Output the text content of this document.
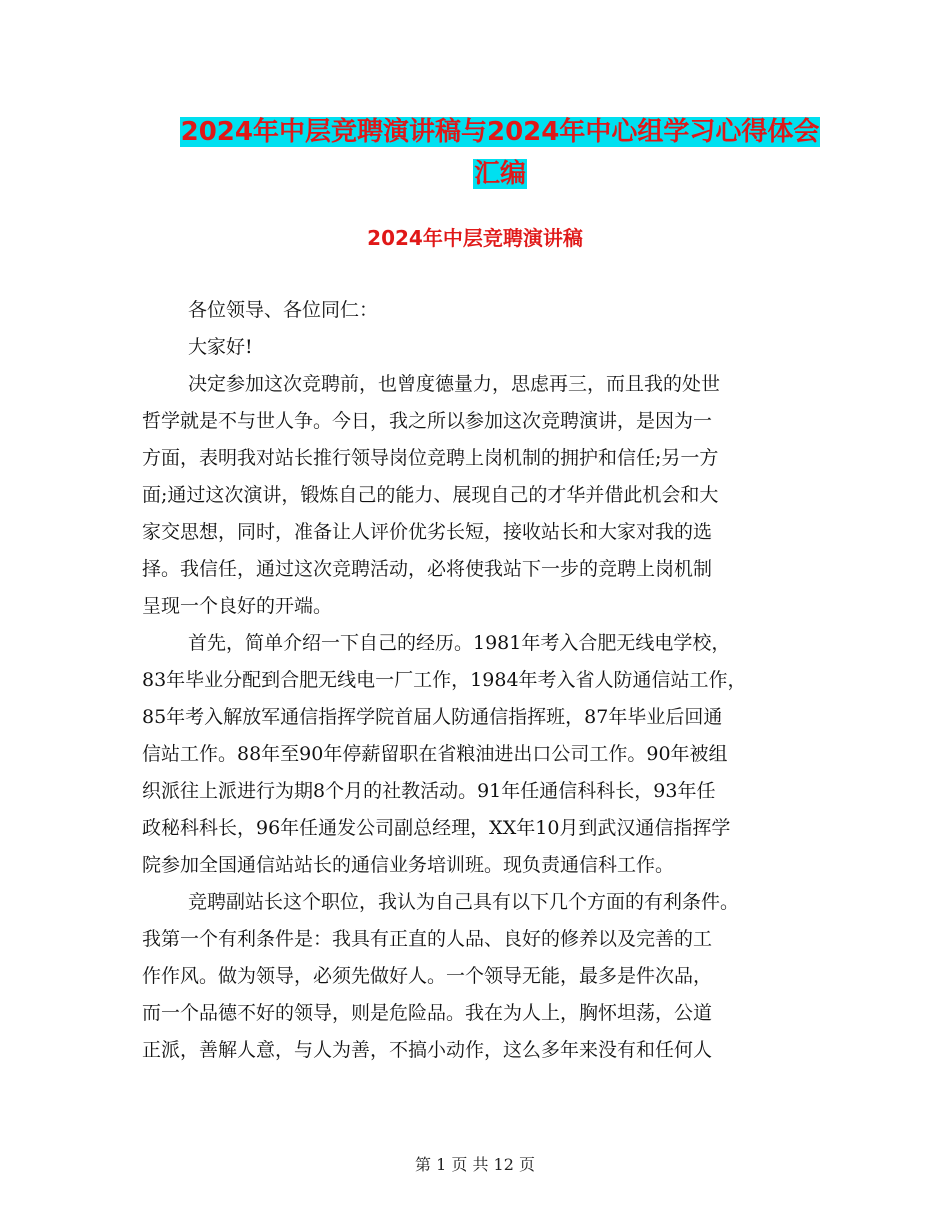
2024年中层竞聘演讲稿与2024年中心组学习心得体会
汇编
2024年中层竞聘演讲稿
各位领导、各位同仁：
大家好!
决定参加这次竞聘前，也曾度德量力，思虑再三，而且我的处世
哲学就是不与世人争。今日，我之所以参加这次竞聘演讲，是因为一
方面，表明我对站长推行领导岗位竞聘上岗机制的拥护和信任;另一方
面;通过这次演讲，锻炼自己的能力、展现自己的才华并借此机会和大
家交思想，同时，准备让人评价优劣长短，接收站长和大家对我的选
择。我信任，通过这次竞聘活动，必将使我站下一步的竞聘上岗机制
呈现一个良好的开端。
首先，简单介绍一下自己的经历。1981年考入合肥无线电学校，
83年毕业分配到合肥无线电一厂工作，1984年考入省人防通信站工作，
85年考入解放军通信指挥学院首届人防通信指挥班，87年毕业后回通
信站工作。88年至90年停薪留职在省粮油进出口公司工作。90年被组
织派往上派进行为期8个月的社教活动。91年任通信科科长，93年任
政秘科科长，96年任通发公司副总经理，XX年10月到武汉通信指挥学
院参加全国通信站站长的通信业务培训班。现负责通信科工作。
竞聘副站长这个职位，我认为自己具有以下几个方面的有利条件。
我第一个有利条件是：我具有正直的人品、良好的修养以及完善的工
作作风。做为领导，必须先做好人。一个领导无能，最多是件次品，
而一个品德不好的领导，则是危险品。我在为人上，胸怀坦荡，公道
正派，善解人意，与人为善，不搞小动作，这么多年来没有和任何人
第 1 页 共 12 页
